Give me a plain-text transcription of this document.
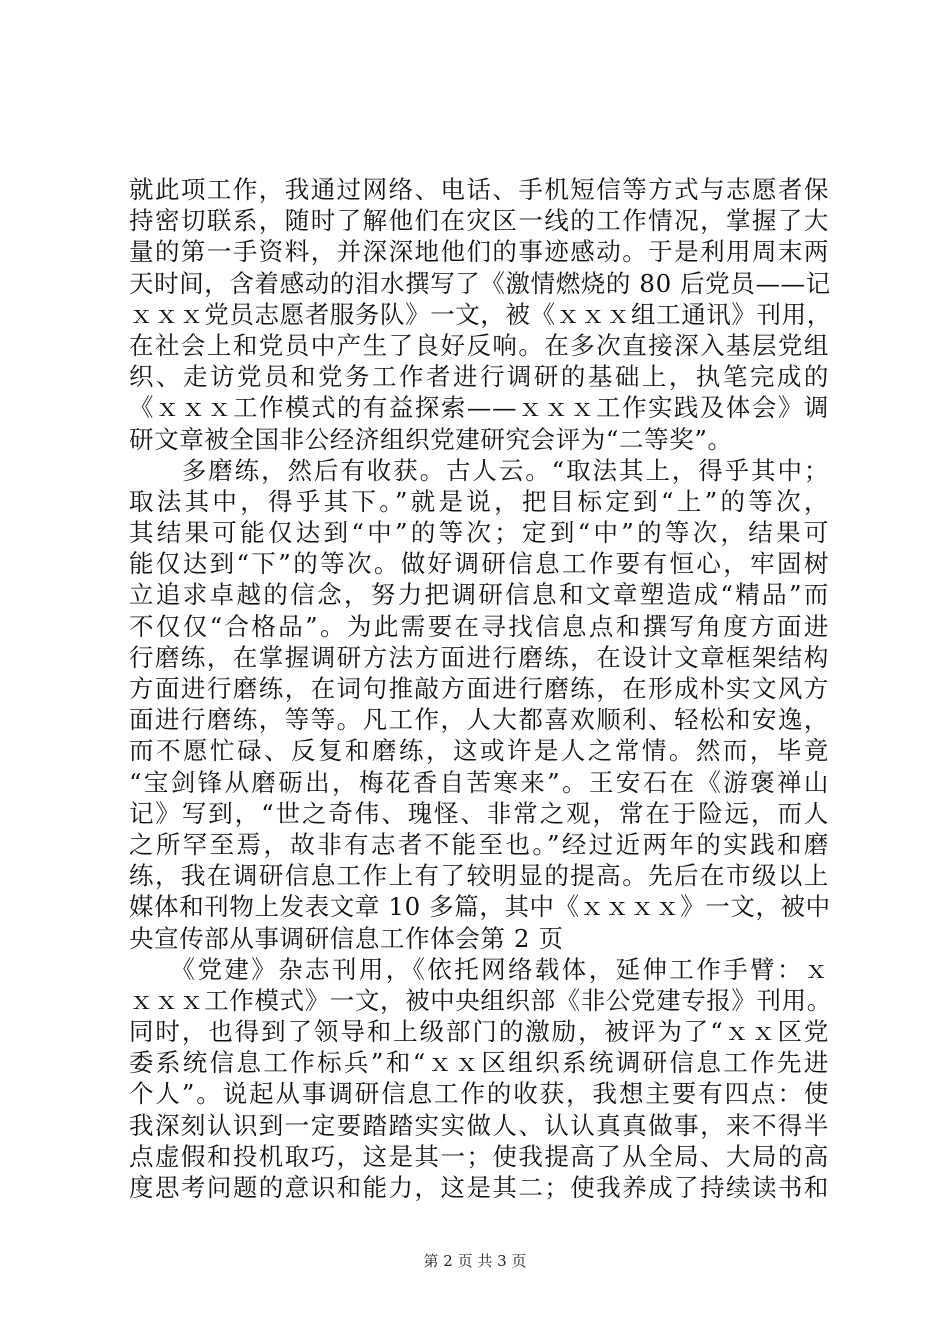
就此项工作，我通过网络、电话、手机短信等方式与志愿者保
持密切联系，随时了解他们在灾区一线的工作情况，掌握了大
量的第一手资料，并深深地他们的事迹感动。于是利用周末两
天时间，含着感动的泪水撰写了《激情燃烧的 80 后党员——记
ｘｘｘ党员志愿者服务队》一文，被《ｘｘｘ组工通讯》刊用，
在社会上和党员中产生了良好反响。在多次直接深入基层党组
织、走访党员和党务工作者进行调研的基础上，执笔完成的
《ｘｘｘ工作模式的有益探索——ｘｘｘ工作实践及体会》调
研文章被全国非公经济组织党建研究会评为“二等奖”。
　　多磨练，然后有收获。古人云。“取法其上，得乎其中；
取法其中，得乎其下。”就是说，把目标定到“上”的等次，
其结果可能仅达到“中”的等次；定到“中”的等次，结果可
能仅达到“下”的等次。做好调研信息工作要有恒心，牢固树
立追求卓越的信念，努力把调研信息和文章塑造成“精品”而
不仅仅“合格品”。为此需要在寻找信息点和撰写角度方面进
行磨练，在掌握调研方法方面进行磨练，在设计文章框架结构
方面进行磨练，在词句推敲方面进行磨练，在形成朴实文风方
面进行磨练，等等。凡工作，人大都喜欢顺利、轻松和安逸，
而不愿忙碌、反复和磨练，这或许是人之常情。然而，毕竟
“宝剑锋从磨砺出，梅花香自苦寒来”。王安石在《游褒禅山
记》写到，“世之奇伟、瑰怪、非常之观，常在于险远，而人
之所罕至焉，故非有志者不能至也。”经过近两年的实践和磨
练，我在调研信息工作上有了较明显的提高。先后在市级以上
媒体和刊物上发表文章 10 多篇，其中《ｘｘｘｘ》一文，被中
央宣传部从事调研信息工作体会第 2 页
　　《党建》杂志刊用，《依托网络载体，延伸工作手臂：ｘ
ｘｘｘ工作模式》一文，被中央组织部《非公党建专报》刊用。
同时，也得到了领导和上级部门的激励，被评为了“ｘｘ区党
委系统信息工作标兵”和“ｘｘ区组织系统调研信息工作先进
个人”。说起从事调研信息工作的收获，我想主要有四点：使
我深刻认识到一定要踏踏实实做人、认认真真做事，来不得半
点虚假和投机取巧，这是其一；使我提高了从全局、大局的高
度思考问题的意识和能力，这是其二；使我养成了持续读书和
第 2 页 共 3 页
